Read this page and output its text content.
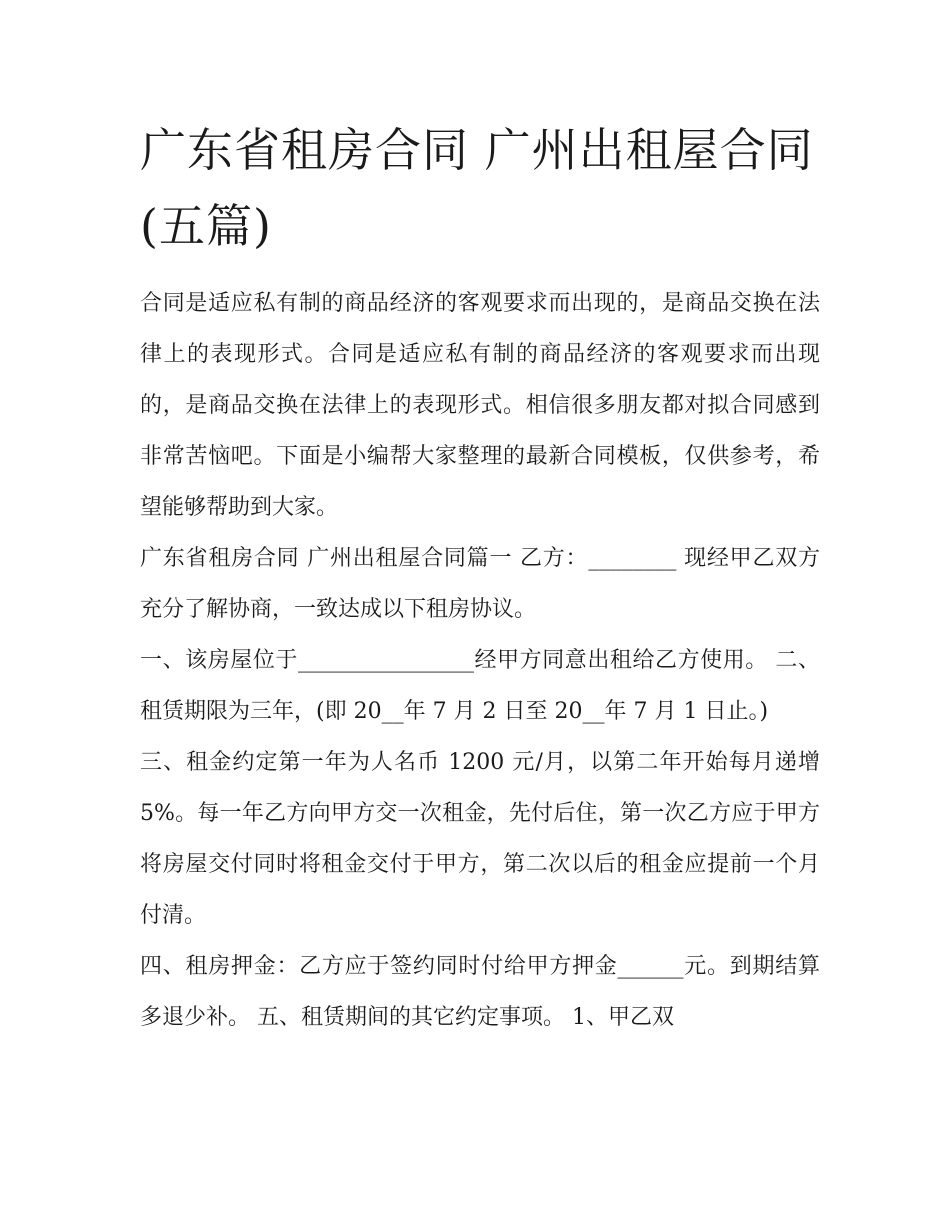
广东省租房合同 广州出租屋合同(五篇)

合同是适应私有制的商品经济的客观要求而出现的，是商品交换在法律上的表现形式。合同是适应私有制的商品经济的客观要求而出现的，是商品交换在法律上的表现形式。相信很多朋友都对拟合同感到非常苦恼吧。下面是小编帮大家整理的最新合同模板，仅供参考，希望能够帮助到大家。

广东省租房合同 广州出租屋合同篇一 乙方：________ 现经甲乙双方充分了解协商，一致达成以下租房协议。

一、该房屋位于________________经甲方同意出租给乙方使用。 二、租赁期限为三年，(即 20__年 7 月 2 日至 20__年 7 月 1 日止。)

三、租金约定第一年为人名币 1200 元/月，以第二年开始每月递增 5%。每一年乙方向甲方交一次租金，先付后住，第一次乙方应于甲方将房屋交付同时将租金交付于甲方，第二次以后的租金应提前一个月付清。

四、租房押金：乙方应于签约同时付给甲方押金______元。到期结算多退少补。 五、租赁期间的其它约定事项。 1、甲乙双
